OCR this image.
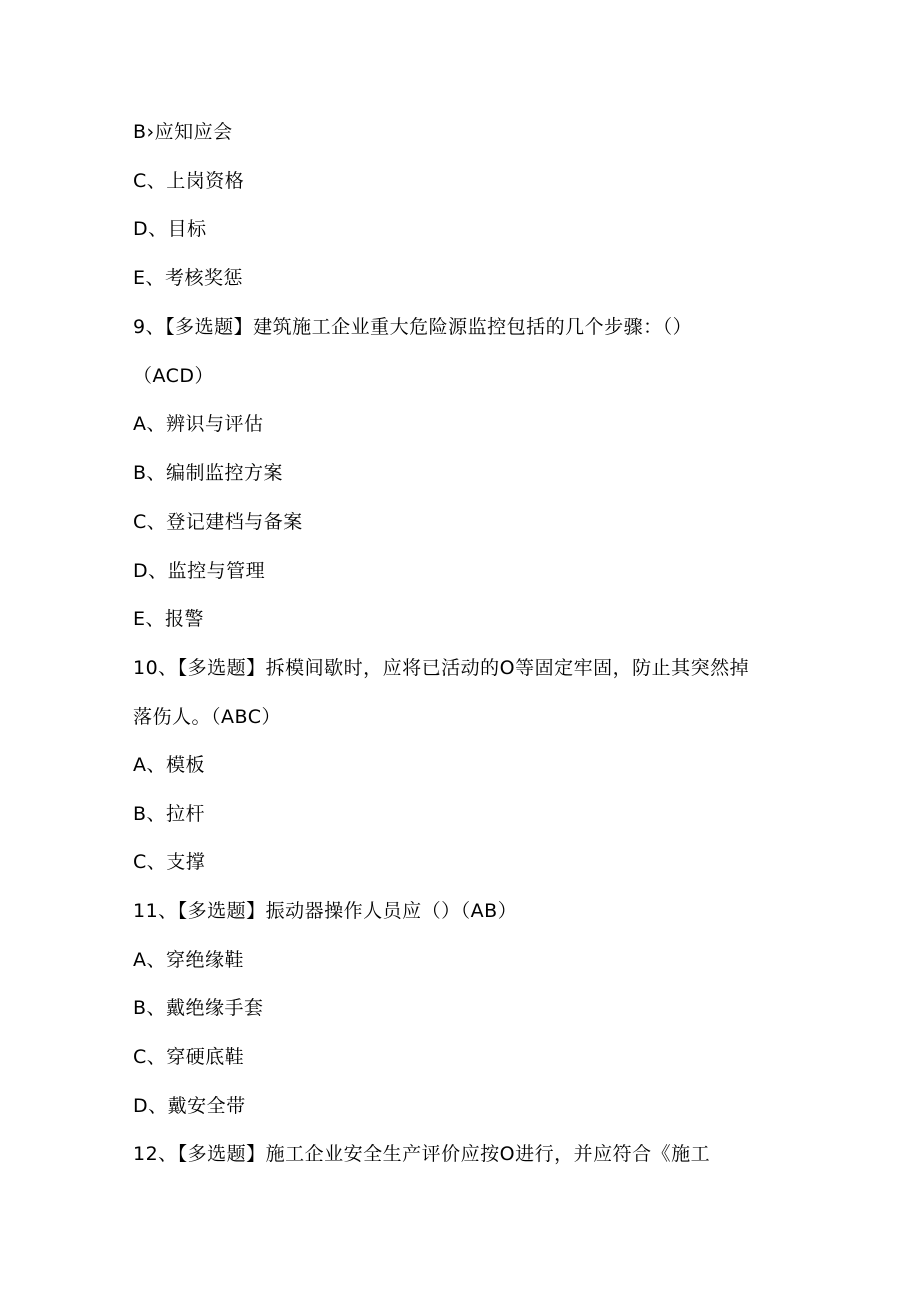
B›应知应会
C、上岗资格
D、目标
E、考核奖惩
9、【多选题】建筑施工企业重大危险源监控包括的几个步骤：（）
（ACD）
A、辨识与评估
B、编制监控方案
C、登记建档与备案
D、监控与管理
E、报警
10、【多选题】拆模间歇时，应将已活动的O等固定牢固，防止其突然掉
落伤人。（ABC）
A、模板
B、拉杆
C、支撑
11、【多选题】振动器操作人员应（）（AB）
A、穿绝缘鞋
B、戴绝缘手套
C、穿硬底鞋
D、戴安全带
12、【多选题】施工企业安全生产评价应按O进行，并应符合《施工
